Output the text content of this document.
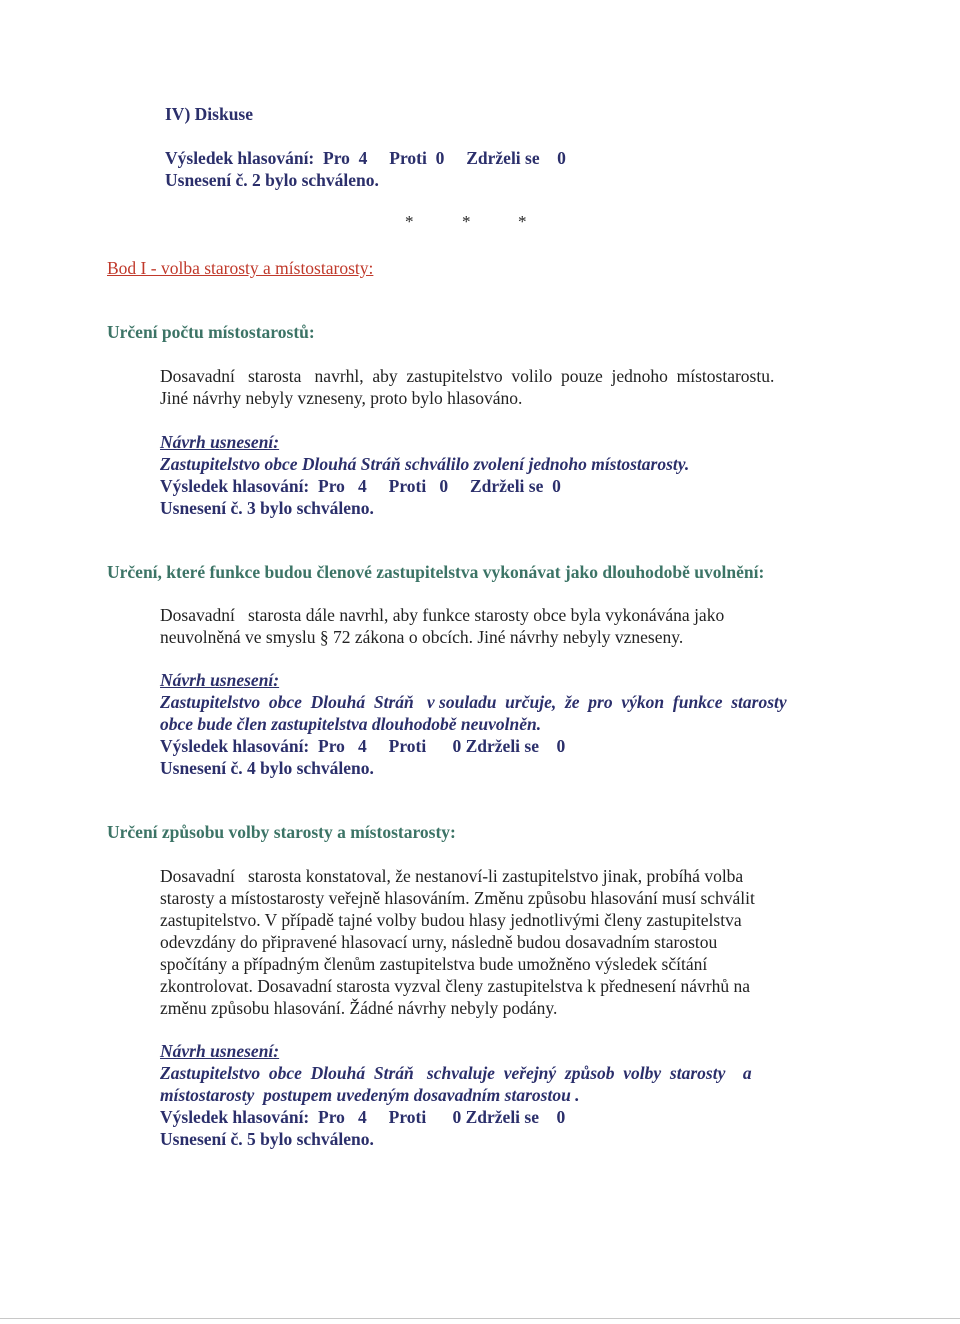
IV) Diskuse
Výsledek hlasování:  Pro  4     Proti  0     Zdrželi se    0
Usnesení č. 2 bylo schváleno.
*	*	*
Bod I - volba starosty a místostarosty:
Určení počtu místostarostů:
Dosavadní   starosta   navrhl,  aby  zastupitelstvo  volilo  pouze  jednoho  místostarostu.
Jiné návrhy nebyly vzneseny, proto bylo hlasováno.
Návrh usnesení:
Zastupitelstvo obce Dlouhá Stráň schválilo zvolení jednoho místostarosty.
Výsledek hlasování:  Pro   4     Proti   0     Zdrželi se  0
Usnesení č. 3 bylo schváleno.
Určení, které funkce budou členové zastupitelstva vykonávat jako dlouhodobě uvolnění:
Dosavadní   starosta dále navrhl, aby funkce starosty obce byla vykonávána jako
neuvolněná ve smyslu § 72 zákona o obcích. Jiné návrhy nebyly vzneseny.
Návrh usnesení:
Zastupitelstvo  obce  Dlouhá  Stráň   v souladu  určuje,  že  pro  výkon  funkce  starosty
obce bude člen zastupitelstva dlouhodobě neuvolněn.
Výsledek hlasování:  Pro   4     Proti      0 Zdrželi se    0
Usnesení č. 4 bylo schváleno.
Určení způsobu volby starosty a místostarosty:
Dosavadní   starosta konstatoval, že nestanoví-li zastupitelstvo jinak, probíhá volba
starosty a místostarosty veřejně hlasováním. Změnu způsobu hlasování musí schválit
zastupitelstvo. V případě tajné volby budou hlasy jednotlivými členy zastupitelstva
odevzdány do připravené hlasovací urny, následně budou dosavadním starostou
spočítány a případným členům zastupitelstva bude umožněno výsledek sčítání
zkontrolovat. Dosavadní starosta vyzval členy zastupitelstva k přednesení návrhů na
změnu způsobu hlasování. Žádné návrhy nebyly podány.
Návrh usnesení:
Zastupitelstvo  obce  Dlouhá  Stráň   schvaluje  veřejný  způsob  volby  starosty    a
místostarosty  postupem uvedeným dosavadním starostou .
Výsledek hlasování:  Pro   4     Proti      0 Zdrželi se    0
Usnesení č. 5 bylo schváleno.
